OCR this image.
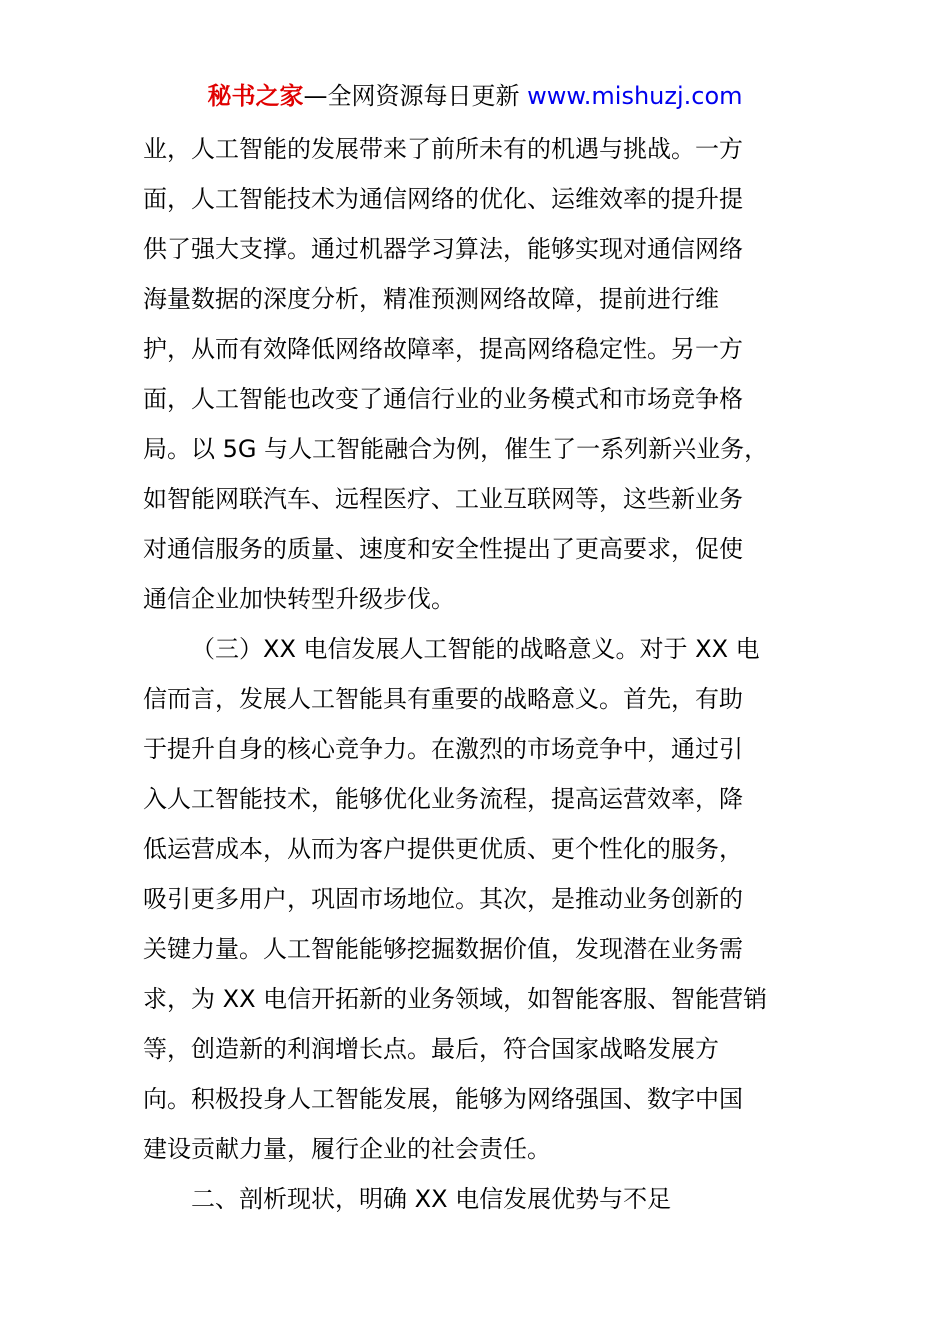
秘书之家—全网资源每日更新 www.mishuzj.com
业，人工智能的发展带来了前所未有的机遇与挑战。一方
面，人工智能技术为通信网络的优化、运维效率的提升提
供了强大支撑。通过机器学习算法，能够实现对通信网络
海量数据的深度分析，精准预测网络故障，提前进行维
护，从而有效降低网络故障率，提高网络稳定性。另一方
面，人工智能也改变了通信行业的业务模式和市场竞争格
局。以 5G 与人工智能融合为例，催生了一系列新兴业务，
如智能网联汽车、远程医疗、工业互联网等，这些新业务
对通信服务的质量、速度和安全性提出了更高要求，促使
通信企业加快转型升级步伐。
（三）XX 电信发展人工智能的战略意义。对于 XX 电
信而言，发展人工智能具有重要的战略意义。首先，有助
于提升自身的核心竞争力。在激烈的市场竞争中，通过引
入人工智能技术，能够优化业务流程，提高运营效率，降
低运营成本，从而为客户提供更优质、更个性化的服务，
吸引更多用户，巩固市场地位。其次，是推动业务创新的
关键力量。人工智能能够挖掘数据价值，发现潜在业务需
求，为 XX 电信开拓新的业务领域，如智能客服、智能营销
等，创造新的利润增长点。最后，符合国家战略发展方
向。积极投身人工智能发展，能够为网络强国、数字中国
建设贡献力量，履行企业的社会责任。
二、剖析现状，明确 XX 电信发展优势与不足
